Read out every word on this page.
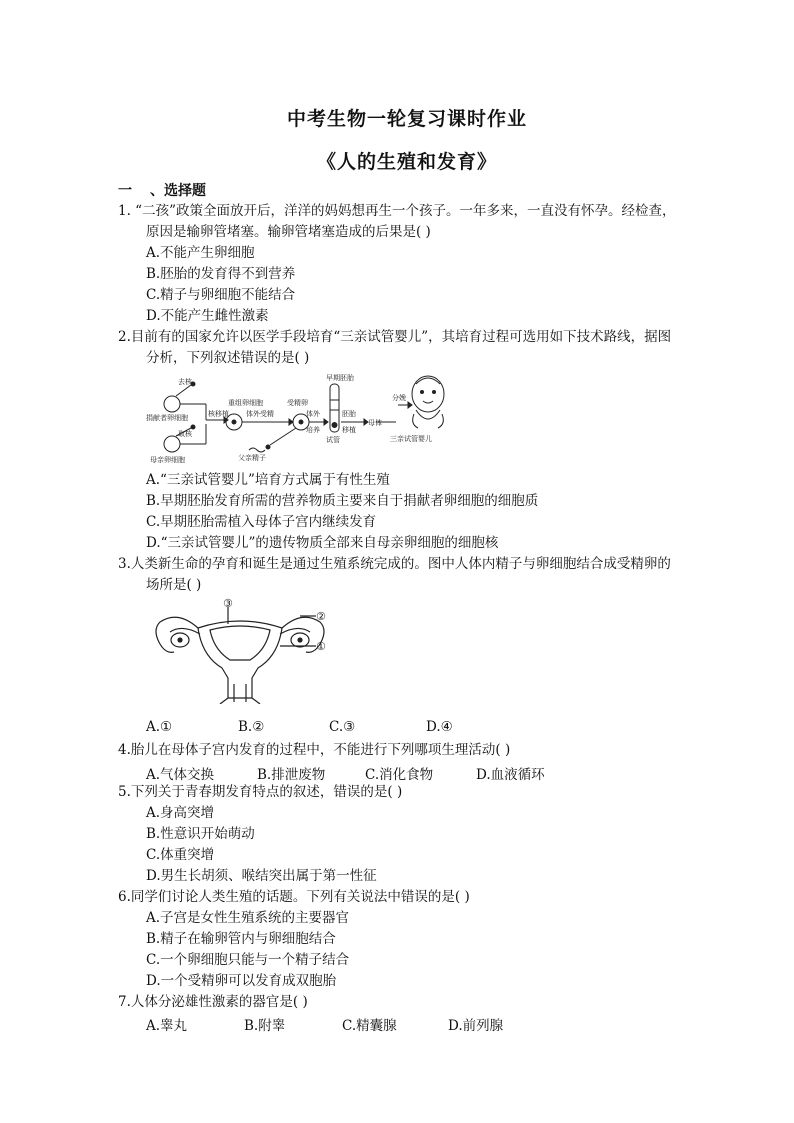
中考生物一轮复习课时作业
《人的生殖和发育》
一 、选择题
1. “二孩”政策全面放开后，洋洋的妈妈想再生一个孩子。一年多来，一直没有怀孕。经检查，
原因是输卵管堵塞。输卵管堵塞造成的后果是( )
A.不能产生卵细胞
B.胚胎的发育得不到营养
C.精子与卵细胞不能结合
D.不能产生雌性激素
2.目前有的国家允许以医学手段培育“三亲试管婴儿”，其培育过程可选用如下技术路线，据图
分析，下列叙述错误的是( )
去核
捐献者卵细胞
取核
母亲卵细胞
核移植
重组卵细胞
体外受精
受精卵
体外
培养
早期胚胎
胚胎
移植
试管
母体
分娩
父亲精子
三亲试管婴儿
A.“三亲试管婴儿”培育方式属于有性生殖
B.早期胚胎发育所需的营养物质主要来自于捐献者卵细胞的细胞质
C.早期胚胎需植入母体子宫内继续发育
D.“三亲试管婴儿”的遗传物质全部来自母亲卵细胞的细胞核
3.人类新生命的孕育和诞生是通过生殖系统完成的。图中人体内精子与卵细胞结合成受精卵的
场所是( )
③
②
①
A.①	B.②	C.③	D.④
4.胎儿在母体子宫内发育的过程中，不能进行下列哪项生理活动( )
A.气体交换	B.排泄废物	C.消化食物	D.血液循环
5.下列关于青春期发育特点的叙述，错误的是( )
A.身高突增
B.性意识开始萌动
C.体重突增
D.男生长胡须、喉结突出属于第一性征
6.同学们讨论人类生殖的话题。下列有关说法中错误的是( )
A.子宫是女性生殖系统的主要器官
B.精子在输卵管内与卵细胞结合
C.一个卵细胞只能与一个精子结合
D.一个受精卵可以发育成双胞胎
7.人体分泌雄性激素的器官是( )
A.睾丸	B.附睾	C.精囊腺	D.前列腺
